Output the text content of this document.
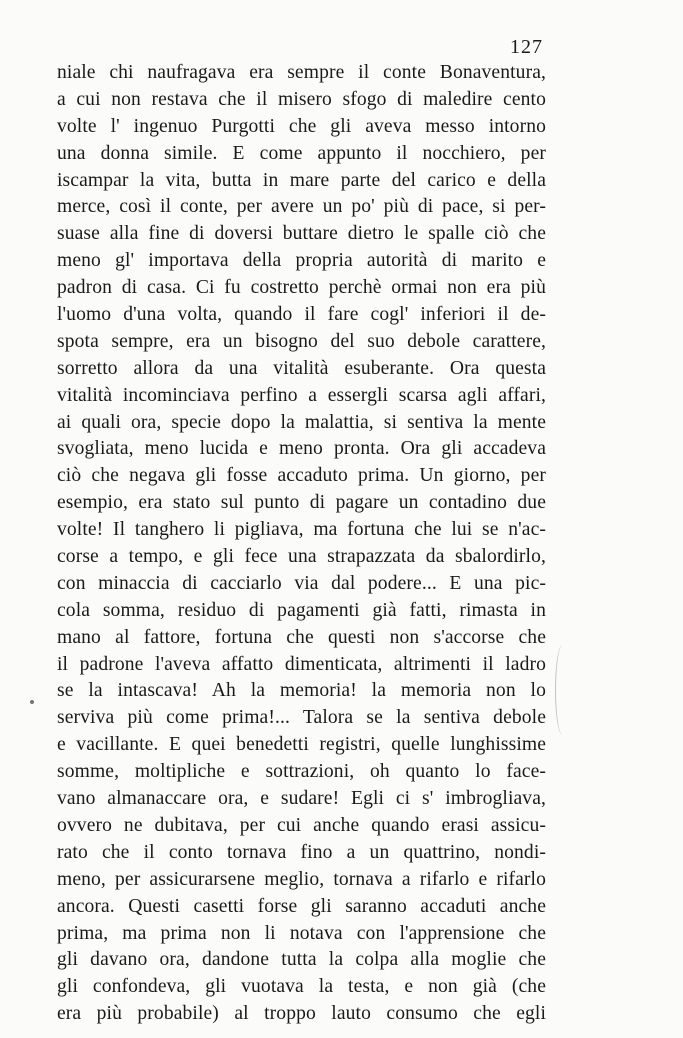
127
niale chi naufragava era sempre il conte Bonaventura,
a cui non restava che il misero sfogo di maledire cento
volte l' ingenuo Purgotti che gli aveva messo intorno
una donna simile. E come appunto il nocchiero, per
iscampar la vita, butta in mare parte del carico e della
merce, così il conte, per avere un po' più di pace, si per-
suase alla fine di doversi buttare dietro le spalle ciò che
meno gl' importava della propria autorità di marito e
padron di casa. Ci fu costretto perchè ormai non era più
l'uomo d'una volta, quando il fare cogl' inferiori il de-
spota sempre, era un bisogno del suo debole carattere,
sorretto allora da una vitalità esuberante. Ora questa
vitalità incominciava perfino a essergli scarsa agli affari,
ai quali ora, specie dopo la malattia, si sentiva la mente
svogliata, meno lucida e meno pronta. Ora gli accadeva
ciò che negava gli fosse accaduto prima. Un giorno, per
esempio, era stato sul punto di pagare un contadino due
volte! Il tanghero li pigliava, ma fortuna che lui se n'ac-
corse a tempo, e gli fece una strapazzata da sbalordirlo,
con minaccia di cacciarlo via dal podere... E una pic-
cola somma, residuo di pagamenti già fatti, rimasta in
mano al fattore, fortuna che questi non s'accorse che
il padrone l'aveva affatto dimenticata, altrimenti il ladro
se la intascava! Ah la memoria! la memoria non lo
serviva più come prima!... Talora se la sentiva debole
e vacillante. E quei benedetti registri, quelle lunghissime
somme, moltipliche e sottrazioni, oh quanto lo face-
vano almanaccare ora, e sudare! Egli ci s' imbrogliava,
ovvero ne dubitava, per cui anche quando erasi assicu-
rato che il conto tornava fino a un quattrino, nondi-
meno, per assicurarsene meglio, tornava a rifarlo e rifarlo
ancora. Questi casetti forse gli saranno accaduti anche
prima, ma prima non li notava con l'apprensione che
gli davano ora, dandone tutta la colpa alla moglie che
gli confondeva, gli vuotava la testa, e non già (che
era più probabile) al troppo lauto consumo che egli
